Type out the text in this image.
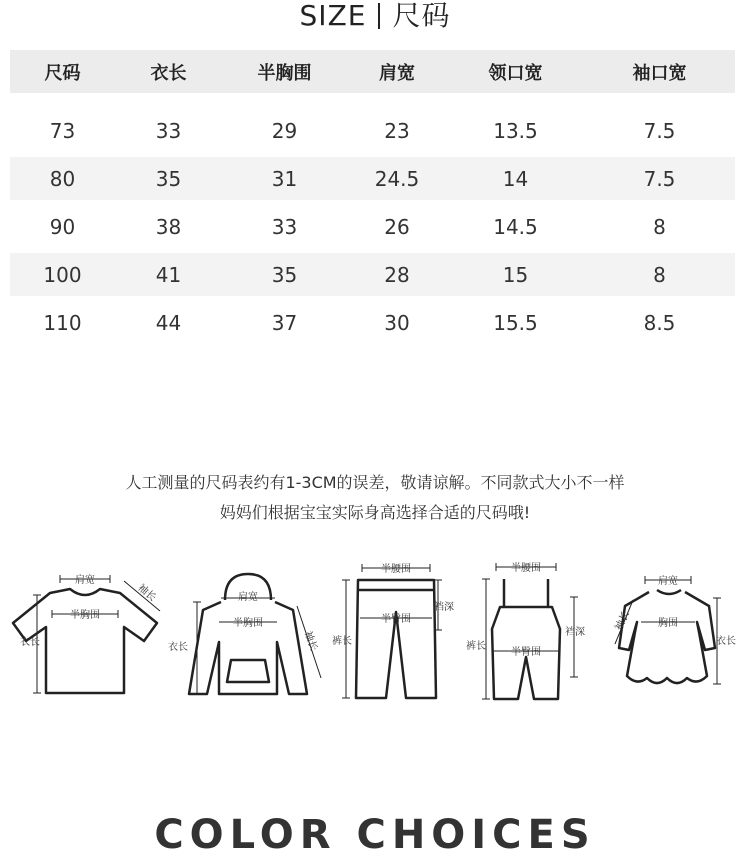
SIZE 尺码
尺码	衣长	半胸围	肩宽	领口宽	袖口宽
73	33	29	23	13.5	7.5
80	35	31	24.5	14	7.5
90	38	33	26	14.5	8
100	41	35	28	15	8
110	44	37	30	15.5	8.5
人工测量的尺码表约有1-3CM的误差，敬请谅解。不同款式大小不一样
妈妈们根据宝宝实际身高选择合适的尺码哦!
肩宽
半胸围
衣长
袖长	肩宽
半胸围
衣长	袖长
半腰围
半臀围
裆深
裤长
半腰围
半臀围
裆深
裤长
肩宽
胸围
衣长
袖长
COLOR CHOICES
